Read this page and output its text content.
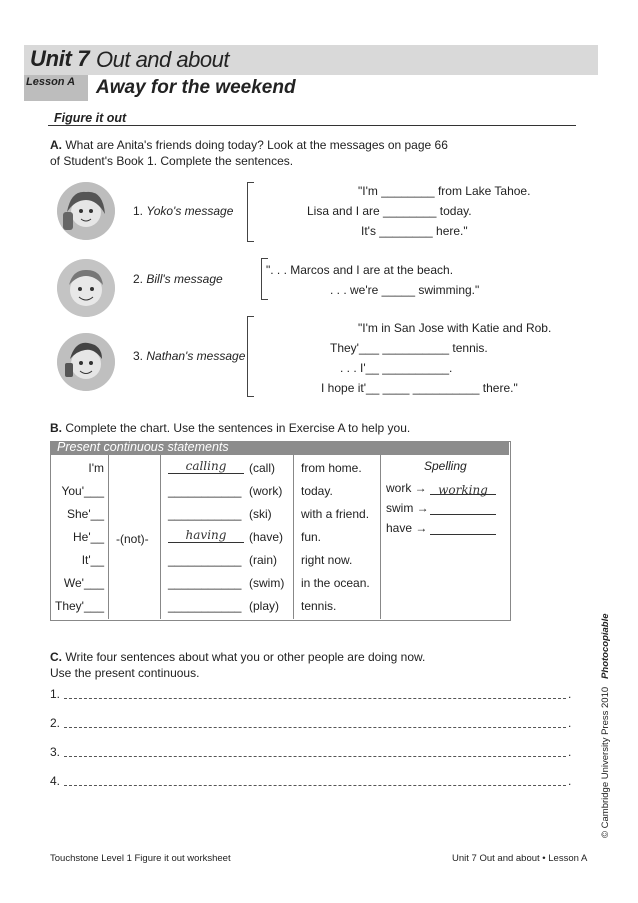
Unit 7 Out and about
Lesson A Away for the weekend
Figure it out
A. What are Anita's friends doing today? Look at the messages on page 66
of Student's Book 1. Complete the sentences.
1. Yoko's message
"I'm ________ from Lake Tahoe.
Lisa and I are ________ today.
It's ________ here."
2. Bill's message
". . . Marcos and I are at the beach.
. . . we're _____ swimming."
3. Nathan's message
"I'm in San Jose with Katie and Rob.
They'___ __________ tennis.
. . . I'__ __________.
I hope it'__ ____ __________ there."
B. Complete the chart. Use the sentences in Exercise A to help you.
Present continuous statements
I'm	calling	(call) from home.
You'___	___________ (work) today.
She'__	___________ (ski) with a friend.
He'__	having	(have) fun.
It'__	___________ (rain) right now.
We'___	___________ (swim) in the ocean.
They'___	___________ (play) tennis.
-(not)-
Spelling
work → working
swim →
have →
C. Write four sentences about what you or other people are doing now.
Use the present continuous.
1.	.
2.	.
3.	.
4.	.
Touchstone Level 1 Figure it out worksheet	Unit 7 Out and about • Lesson A
© Cambridge University Press 2010   Photocopiable
